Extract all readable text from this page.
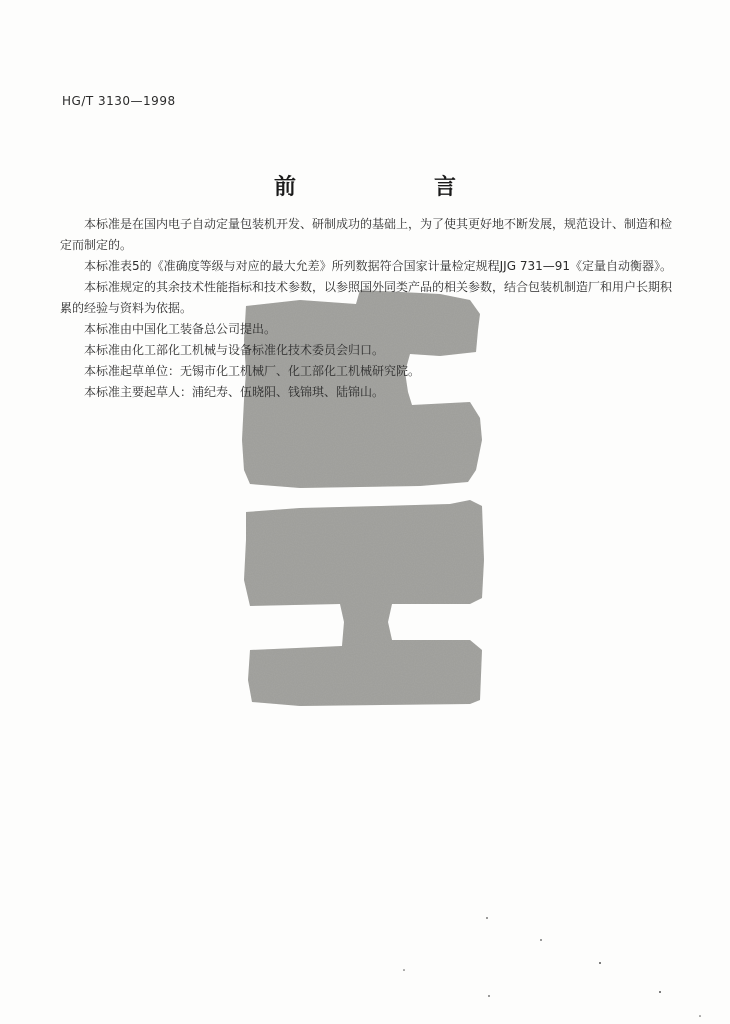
HG/T 3130—1998
前　言

本标准是在国内电子自动定量包装机开发、研制成功的基础上，为了使其更好地不断发展，规范设计、制造和检定而制定的。

本标准表5的《准确度等级与对应的最大允差》所列数据符合国家计量检定规程JJG 731—91《定量自动衡器》。

本标准规定的其余技术性能指标和技术参数，以参照国外同类产品的相关参数，结合包装机制造厂和用户长期积累的经验与资料为依据。

本标准由中国化工装备总公司提出。

本标准由化工部化工机械与设备标准化技术委员会归口。

本标准起草单位：无锡市化工机械厂、化工部化工机械研究院。

本标准主要起草人：浦纪寿、伍晓阳、钱锦琪、陆锦山。
